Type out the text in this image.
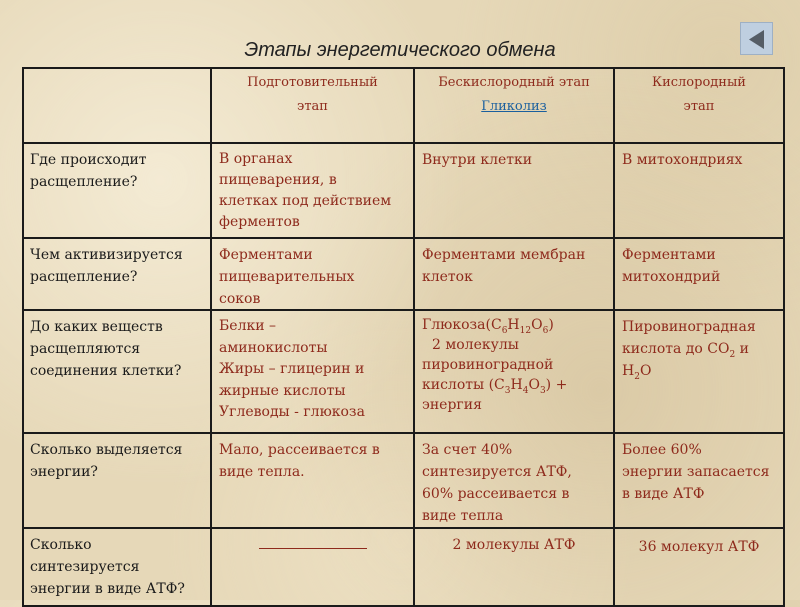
Этапы энергетического обмена
Подготовительный
этап
Бескислородный этап
Гликолиз
Кислородный
этап
Где происходит
расщепление?
В органах
пищеварения, в
клетках под действием
ферментов
Внутри клетки	В митохондриях
Чем активизируется
расщепление?
Ферментами
пищеварительных
соков
Ферментами мембран
клеток
Ферментами
митохондрий
До каких веществ
расщепляются
соединения клетки?
Белки –
аминокислоты
Жиры – глицерин и
жирные кислоты
Углеводы - глюкоза
$Глюкоза(C_6H_{12}O_6)$
2 молекулы
пировиноградной
кислоты $(C_3H_4O_3)$ +
энергия
Пировиноградная
кислота до $CO_2$ и
$H_2O$
Сколько выделяется
энергии?
Мало, рассеивается в
виде тепла.
За счет 40%
синтезируется АТФ,
60% рассеивается в
виде тепла
Более 60%
энергии запасается
в виде АТФ
Сколько
синтезируется
энергии в виде АТФ?
2 молекулы АТФ	36 молекул АТФ
